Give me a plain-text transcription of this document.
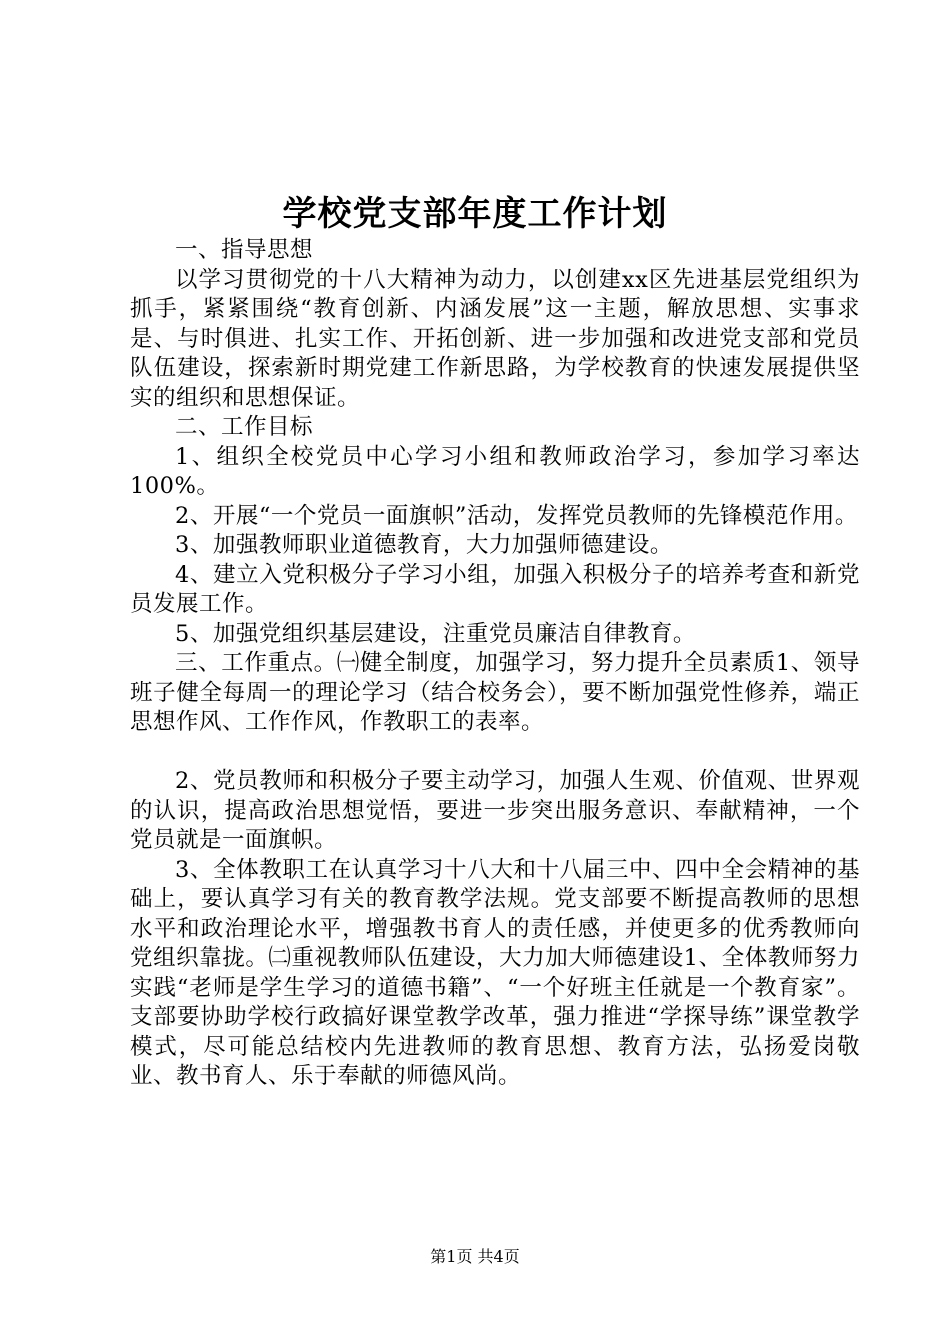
学校党支部年度工作计划

一、指导思想

以学习贯彻党的十八大精神为动力，以创建xx区先进基层党组织为抓手，紧紧围绕“教育创新、内涵发展”这一主题，解放思想、实事求是、与时俱进、扎实工作、开拓创新、进一步加强和改进党支部和党员队伍建设，探索新时期党建工作新思路，为学校教育的快速发展提供坚实的组织和思想保证。

二、工作目标

1、组织全校党员中心学习小组和教师政治学习，参加学习率达100%。

2、开展“一个党员一面旗帜”活动，发挥党员教师的先锋模范作用。

3、加强教师职业道德教育，大力加强师德建设。

4、建立入党积极分子学习小组，加强入积极分子的培养考查和新党员发展工作。

5、加强党组织基层建设，注重党员廉洁自律教育。

三、工作重点。㈠健全制度，加强学习，努力提升全员素质1、领导班子健全每周一的理论学习（结合校务会），要不断加强党性修养，端正思想作风、工作作风，作教职工的表率。

2、党员教师和积极分子要主动学习，加强人生观、价值观、世界观的认识，提高政治思想觉悟，要进一步突出服务意识、奉献精神，一个党员就是一面旗帜。

3、全体教职工在认真学习十八大和十八届三中、四中全会精神的基础上，要认真学习有关的教育教学法规。党支部要不断提高教师的思想水平和政治理论水平，增强教书育人的责任感，并使更多的优秀教师向党组织靠拢。㈡重视教师队伍建设，大力加大师德建设1、全体教师努力实践“老师是学生学习的道德书籍”、“一个好班主任就是一个教育家”。支部要协助学校行政搞好课堂教学改革，强力推进“学探导练”课堂教学模式，尽可能总结校内先进教师的教育思想、教育方法，弘扬爱岗敬业、教书育人、乐于奉献的师德风尚。

第1页 共4页
